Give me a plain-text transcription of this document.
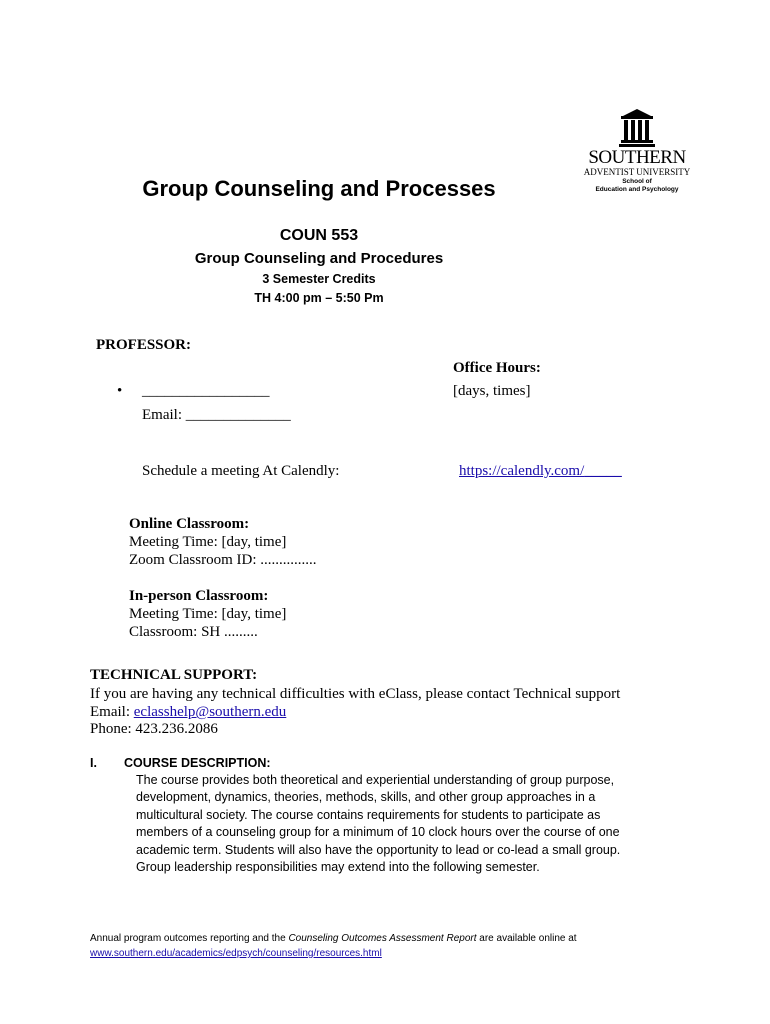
SOUTHERN
ADVENTIST UNIVERSITY
School of
Education and Psychology
Group Counseling and Processes
COUN 553
Group Counseling and Procedures
3 Semester Credits
TH 4:00 pm – 5:50 Pm
PROFESSOR:
Office Hours:
• _________________	[days, times]
Email: ______________
Schedule a meeting At Calendly:	https://calendly.com/_____
Online Classroom:
Meeting Time: [day, time]
Zoom Classroom ID: ...............
In-person Classroom:
Meeting Time: [day, time]
Classroom: SH .........
TECHNICAL SUPPORT:
If you are having any technical difficulties with eClass, please contact Technical support
Email: eclasshelp@southern.edu
Phone: 423.236.2086
I. COURSE DESCRIPTION:
The course provides both theoretical and experiential understanding of group purpose,
development, dynamics, theories, methods, skills, and other group approaches in a
multicultural society. The course contains requirements for students to participate as
members of a counseling group for a minimum of 10 clock hours over the course of one
academic term. Students will also have the opportunity to lead or co-lead a small group.
Group leadership responsibilities may extend into the following semester.
Annual program outcomes reporting and the Counseling Outcomes Assessment Report are available online at
www.southern.edu/academics/edpsych/counseling/resources.html
